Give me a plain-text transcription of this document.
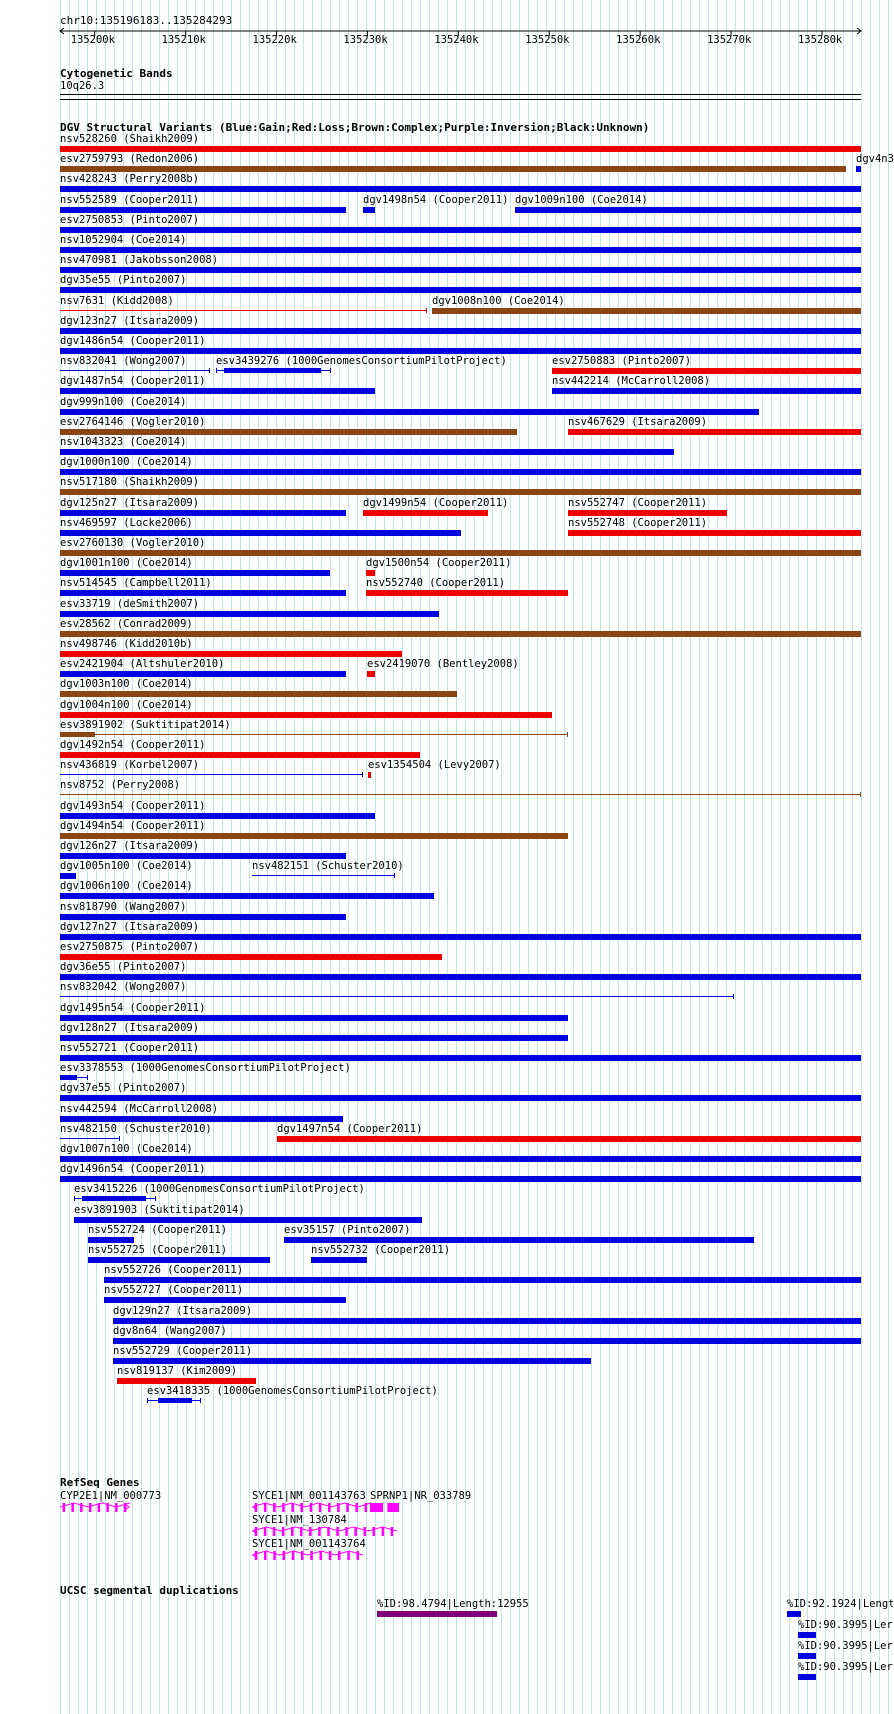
chr10:135196183..135284293
135200k	135210k	135220k	135230k	135240k	135250k	135260k	135270k	135280k
Cytogenetic Bands
10q26.3
DGV Structural Variants (Blue:Gain;Red:Loss;Brown:Complex;Purple:Inversion;Black:Unknown)
nsv528260 (Shaikh2009)
esv2759793 (Redon2006)	dgv4n3
nsv428243 (Perry2008b)
nsv552589 (Cooper2011)	dgv1498n54 (Cooper2011) dgv1009n100 (Coe2014)
esv2750853 (Pinto2007)
nsv1052904 (Coe2014)
nsv470981 (Jakobsson2008)
dgv35e55 (Pinto2007)
nsv7631 (Kidd2008)	dgv1008n100 (Coe2014)
dgv123n27 (Itsara2009)
dgv1486n54 (Cooper2011)
nsv832041 (Wong2007)	esv3439276 (1000GenomesConsortiumPilotProject)	esv2750883 (Pinto2007)
dgv1487n54 (Cooper2011)	nsv442214 (McCarroll2008)
dgv999n100 (Coe2014)
esv2764146 (Vogler2010)	nsv467629 (Itsara2009)
nsv1043323 (Coe2014)
dgv1000n100 (Coe2014)
nsv517180 (Shaikh2009)
dgv125n27 (Itsara2009)	dgv1499n54 (Cooper2011)	nsv552747 (Cooper2011)
nsv469597 (Locke2006)	nsv552748 (Cooper2011)
esv2760130 (Vogler2010)
dgv1001n100 (Coe2014)	dgv1500n54 (Cooper2011)
nsv514545 (Campbell2011)	nsv552740 (Cooper2011)
esv33719 (deSmith2007)
esv28562 (Conrad2009)
nsv498746 (Kidd2010b)
esv2421904 (Altshuler2010)	esv2419070 (Bentley2008)
dgv1003n100 (Coe2014)
dgv1004n100 (Coe2014)
esv3891902 (Suktitipat2014)
dgv1492n54 (Cooper2011)
nsv436819 (Korbel2007)	esv1354504 (Levy2007)
nsv8752 (Perry2008)
dgv1493n54 (Cooper2011)
dgv1494n54 (Cooper2011)
dgv126n27 (Itsara2009)
dgv1005n100 (Coe2014)	nsv482151 (Schuster2010)
dgv1006n100 (Coe2014)
nsv818790 (Wang2007)
dgv127n27 (Itsara2009)
esv2750875 (Pinto2007)
dgv36e55 (Pinto2007)
nsv832042 (Wong2007)
dgv1495n54 (Cooper2011)
dgv128n27 (Itsara2009)
nsv552721 (Cooper2011)
esv3378553 (1000GenomesConsortiumPilotProject)
dgv37e55 (Pinto2007)
nsv442594 (McCarroll2008)
nsv482150 (Schuster2010)	dgv1497n54 (Cooper2011)
dgv1007n100 (Coe2014)
dgv1496n54 (Cooper2011)
esv3415226 (1000GenomesConsortiumPilotProject)
esv3891903 (Suktitipat2014)
nsv552724 (Cooper2011)	esv35157 (Pinto2007)
nsv552725 (Cooper2011)	nsv552732 (Cooper2011)
nsv552726 (Cooper2011)
nsv552727 (Cooper2011)
dgv129n27 (Itsara2009)
dgv8n64 (Wang2007)
nsv552729 (Cooper2011)
nsv819137 (Kim2009)
esv3418335 (1000GenomesConsortiumPilotProject)
RefSeq Genes
CYP2E1|NM_000773	SYCE1|NM_001143763 SPRNP1|NR_033789
SYCE1|NM_130784
SYCE1|NM_001143764
UCSC segmental duplications
%ID:98.4794|Length:12955	%ID:92.1924|Lengt
%ID:90.3995|Ler
%ID:90.3995|Ler
%ID:90.3995|Ler
